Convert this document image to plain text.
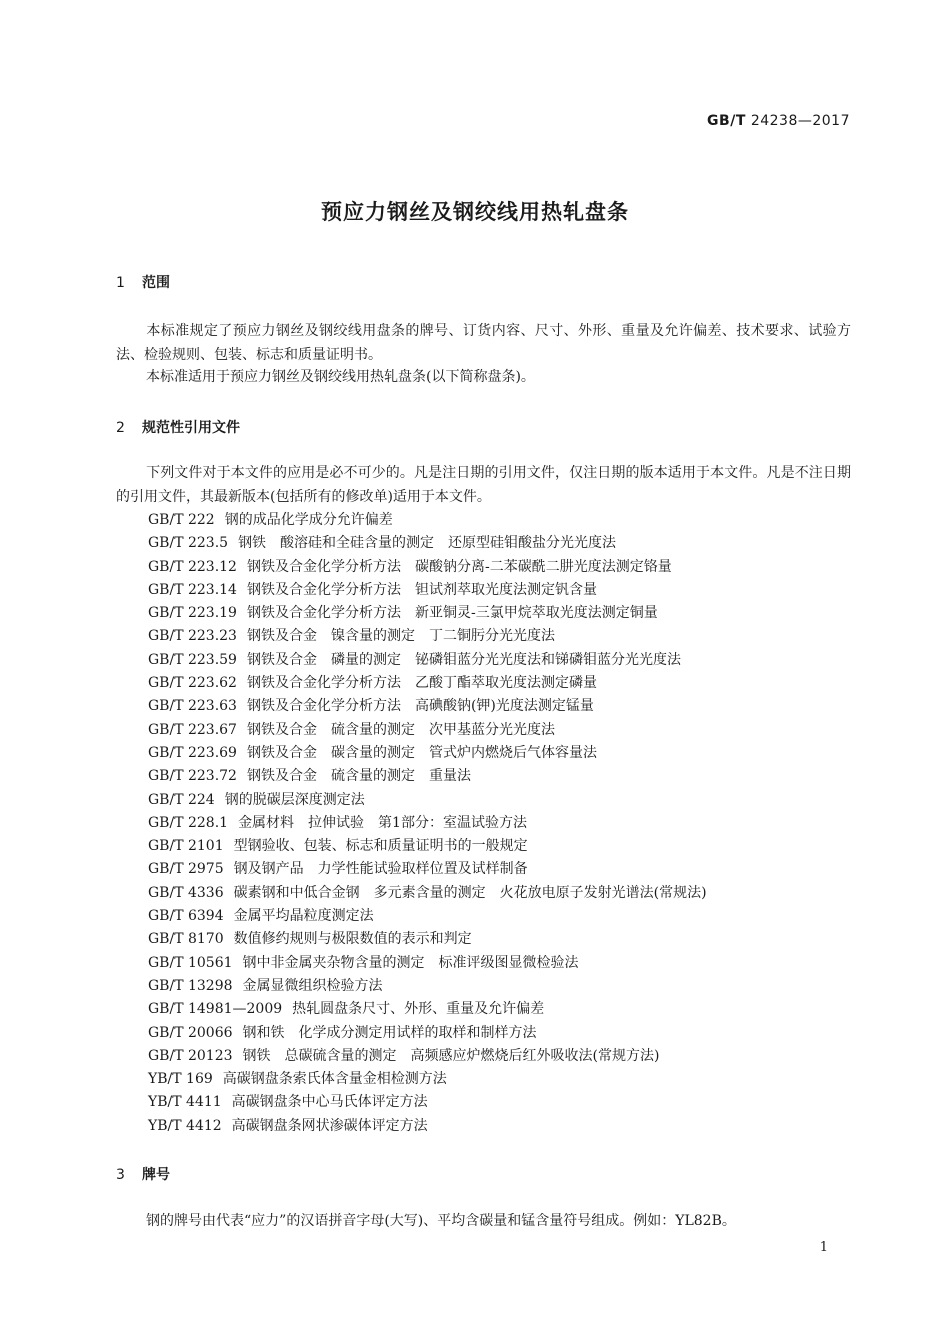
GB/T 24238—2017
预应力钢丝及钢绞线用热轧盘条
1 范围
本标准规定了预应力钢丝及钢绞线用盘条的牌号、订货内容、尺寸、外形、重量及允许偏差、技术要求、试验方法、检验规则、包装、标志和质量证明书。
本标准适用于预应力钢丝及钢绞线用热轧盘条(以下简称盘条)。
2 规范性引用文件
下列文件对于本文件的应用是必不可少的。凡是注日期的引用文件，仅注日期的版本适用于本文件。凡是不注日期的引用文件，其最新版本(包括所有的修改单)适用于本文件。
GB/T 222 钢的成品化学成分允许偏差
GB/T 223.5 钢铁　酸溶硅和全硅含量的测定　还原型硅钼酸盐分光光度法
GB/T 223.12 钢铁及合金化学分析方法　碳酸钠分离-二苯碳酰二肼光度法测定铬量
GB/T 223.14 钢铁及合金化学分析方法　钽试剂萃取光度法测定钒含量
GB/T 223.19 钢铁及合金化学分析方法　新亚铜灵-三氯甲烷萃取光度法测定铜量
GB/T 223.23 钢铁及合金　镍含量的测定　丁二铜肟分光光度法
GB/T 223.59 钢铁及合金　磷量的测定　铋磷钼蓝分光光度法和锑磷钼蓝分光光度法
GB/T 223.62 钢铁及合金化学分析方法　乙酸丁酯萃取光度法测定磷量
GB/T 223.63 钢铁及合金化学分析方法　高碘酸钠(钾)光度法测定锰量
GB/T 223.67 钢铁及合金　硫含量的测定　次甲基蓝分光光度法
GB/T 223.69 钢铁及合金　碳含量的测定　管式炉内燃烧后气体容量法
GB/T 223.72 钢铁及合金　硫含量的测定　重量法
GB/T 224 钢的脱碳层深度测定法
GB/T 228.1 金属材料　拉伸试验　第1部分：室温试验方法
GB/T 2101 型钢验收、包装、标志和质量证明书的一般规定
GB/T 2975 钢及钢产品　力学性能试验取样位置及试样制备
GB/T 4336 碳素钢和中低合金钢　多元素含量的测定　火花放电原子发射光谱法(常规法)
GB/T 6394 金属平均晶粒度测定法
GB/T 8170 数值修约规则与极限数值的表示和判定
GB/T 10561 钢中非金属夹杂物含量的测定　标准评级图显微检验法
GB/T 13298 金属显微组织检验方法
GB/T 14981—2009 热轧圆盘条尺寸、外形、重量及允许偏差
GB/T 20066 钢和铁　化学成分测定用试样的取样和制样方法
GB/T 20123 钢铁　总碳硫含量的测定　高频感应炉燃烧后红外吸收法(常规方法)
YB/T 169 高碳钢盘条索氏体含量金相检测方法
YB/T 4411 高碳钢盘条中心马氏体评定方法
YB/T 4412 高碳钢盘条网状渗碳体评定方法
3 牌号
钢的牌号由代表“应力”的汉语拼音字母(大写)、平均含碳量和锰含量符号组成。例如：YL82B。
1
